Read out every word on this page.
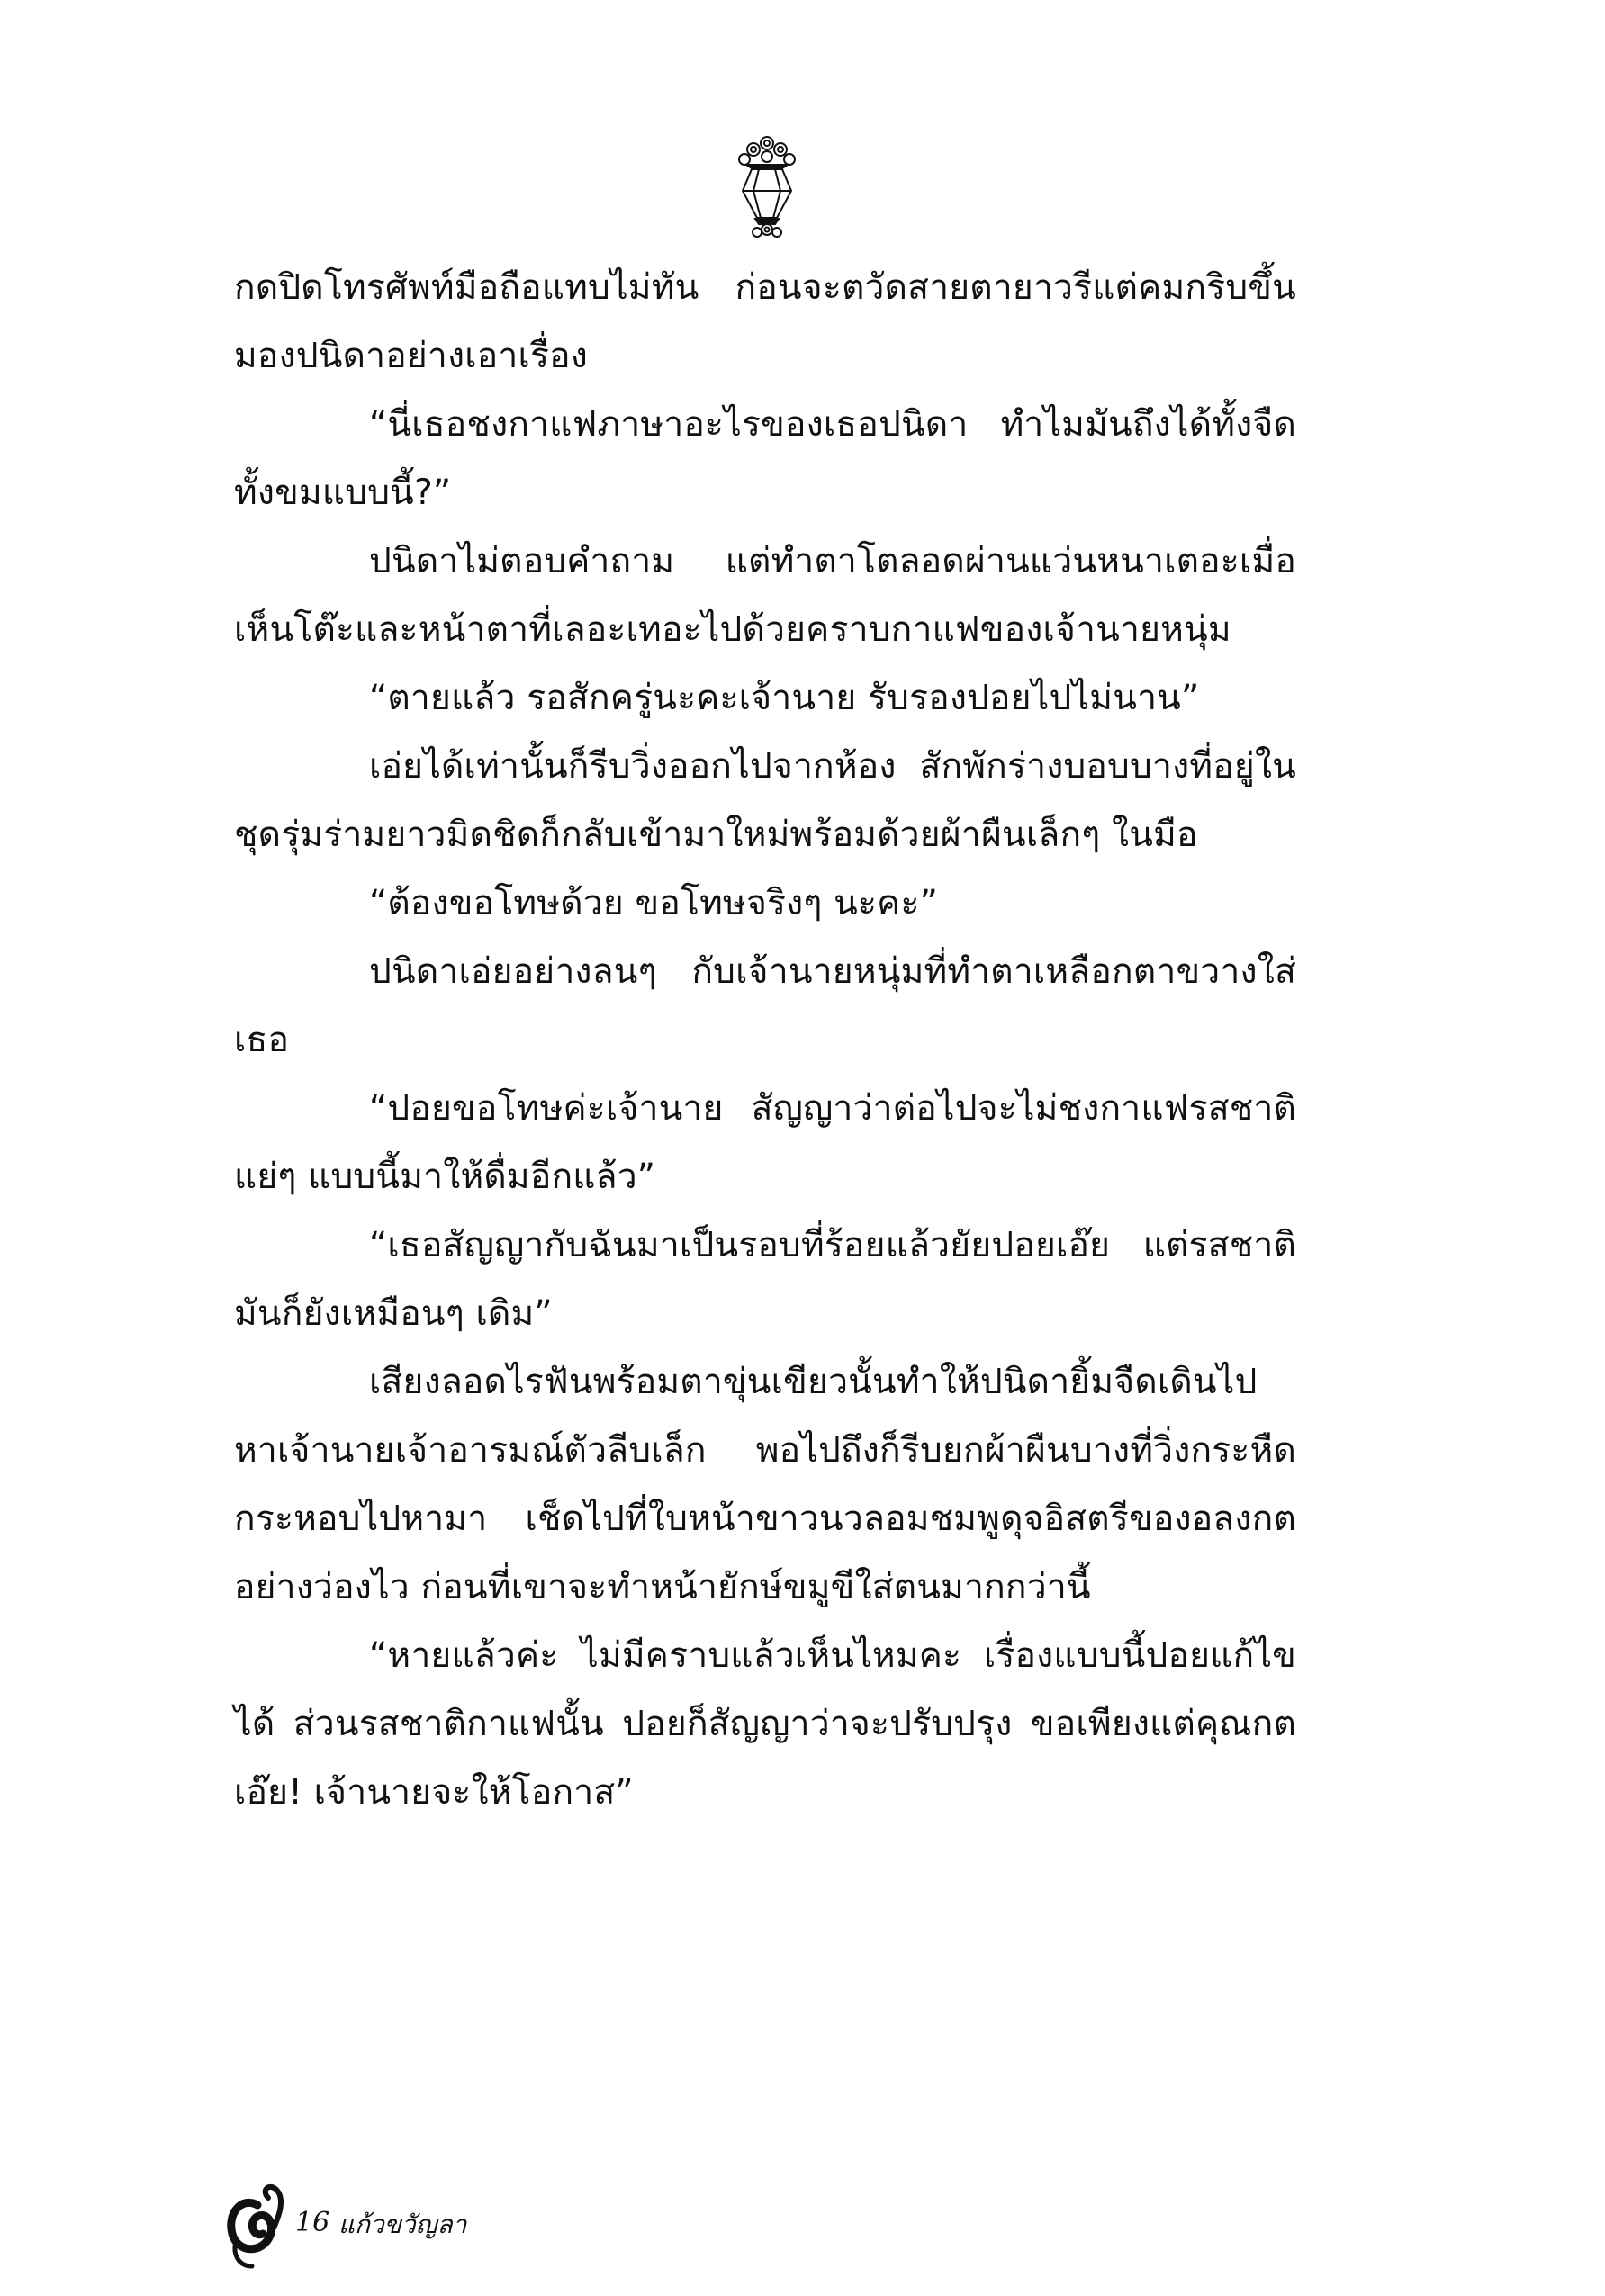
กดปิดโทรศัพท์มือถือแทบไม่ทัน ก่อนจะตวัดสายตายาวรีแต่คมกริบขึ้นมองปนิดาอย่างเอาเรื่อง

“นี่เธอชงกาแฟภาษาอะไรของเธอปนิดา ทำไมมันถึงได้ทั้งจืดทั้งขมแบบนี้?”

ปนิดาไม่ตอบคำถาม แต่ทำตาโตลอดผ่านแว่นหนาเตอะเมื่อเห็นโต๊ะและหน้าตาที่เลอะเทอะไปด้วยคราบกาแฟของเจ้านายหนุ่ม

“ตายแล้ว รอสักครู่นะคะเจ้านาย รับรองปอยไปไม่นาน”

เอ่ยได้เท่านั้นก็รีบวิ่งออกไปจากห้อง สักพักร่างบอบบางที่อยู่ในชุดรุ่มร่ามยาวมิดชิดก็กลับเข้ามาใหม่พร้อมด้วยผ้าผืนเล็กๆ ในมือ

“ต้องขอโทษด้วย ขอโทษจริงๆ นะคะ”

ปนิดาเอ่ยอย่างลนๆ กับเจ้านายหนุ่มที่ทำตาเหลือกตาขวางใส่เธอ

“ปอยขอโทษค่ะเจ้านาย สัญญาว่าต่อไปจะไม่ชงกาแฟรสชาติแย่ๆ แบบนี้มาให้ดื่มอีกแล้ว”

“เธอสัญญากับฉันมาเป็นรอบที่ร้อยแล้วยัยปอยเอ๊ย แต่รสชาติมันก็ยังเหมือนๆ เดิม”

เสียงลอดไรฟันพร้อมตาขุ่นเขียวนั้นทำให้ปนิดายิ้มจืดเดินไปหาเจ้านายเจ้าอารมณ์ตัวลีบเล็ก พอไปถึงก็รีบยกผ้าผืนบางที่วิ่งกระหืดกระหอบไปหามา เช็ดไปที่ใบหน้าขาวนวลอมชมพูดุจอิสตรีของอลงกตอย่างว่องไว ก่อนที่เขาจะทำหน้ายักษ์ขมูขีใส่ตนมากกว่านี้

“หายแล้วค่ะ ไม่มีคราบแล้วเห็นไหมคะ เรื่องแบบนี้ปอยแก้ไขได้ ส่วนรสชาติกาแฟนั้น ปอยก็สัญญาว่าจะปรับปรุง ขอเพียงแต่คุณกต เอ๊ย! เจ้านายจะให้โอกาส”

16 แก้วขวัญลา
